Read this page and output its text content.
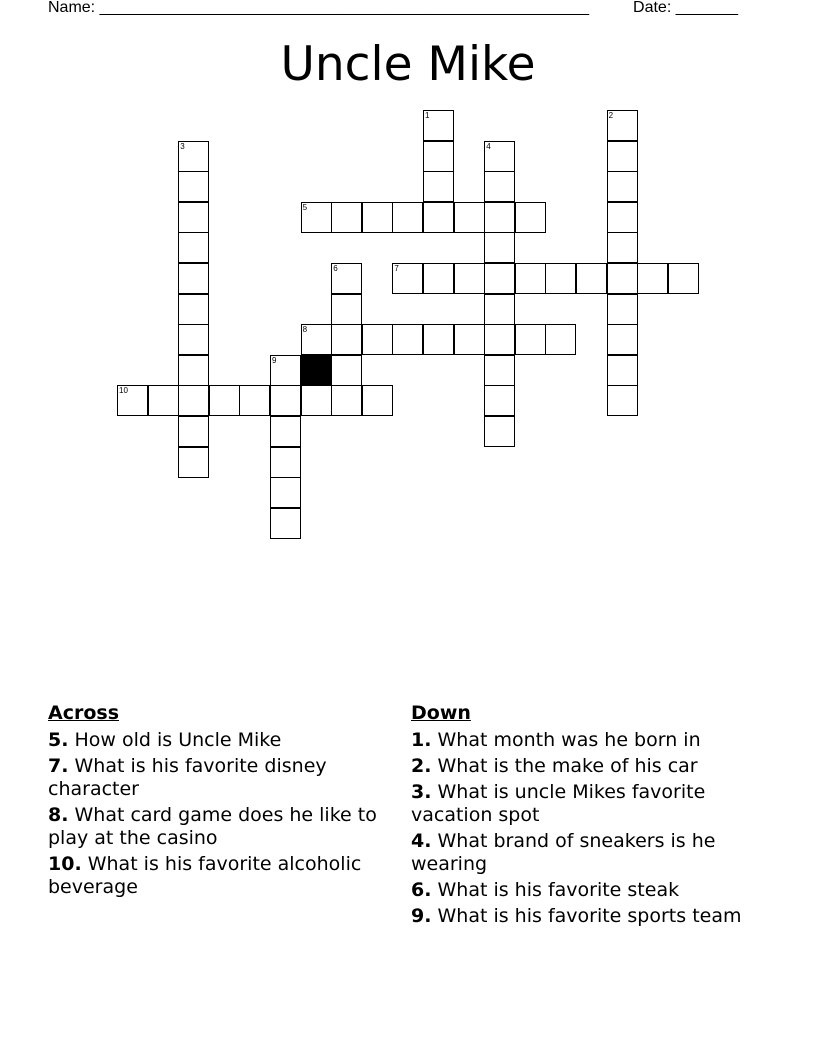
Name: _______________________________________________________	Date: _______
Uncle Mike
1	2
3	4
5
6	7
8
9
10
Across
5. How old is Uncle Mike
7. What is his favorite disney character
8. What card game does he like to play at the casino
10. What is his favorite alcoholic beverage
Down
1. What month was he born in
2. What is the make of his car
3. What is uncle Mikes favorite vacation spot
4. What brand of sneakers is he wearing
6. What is his favorite steak
9. What is his favorite sports team
